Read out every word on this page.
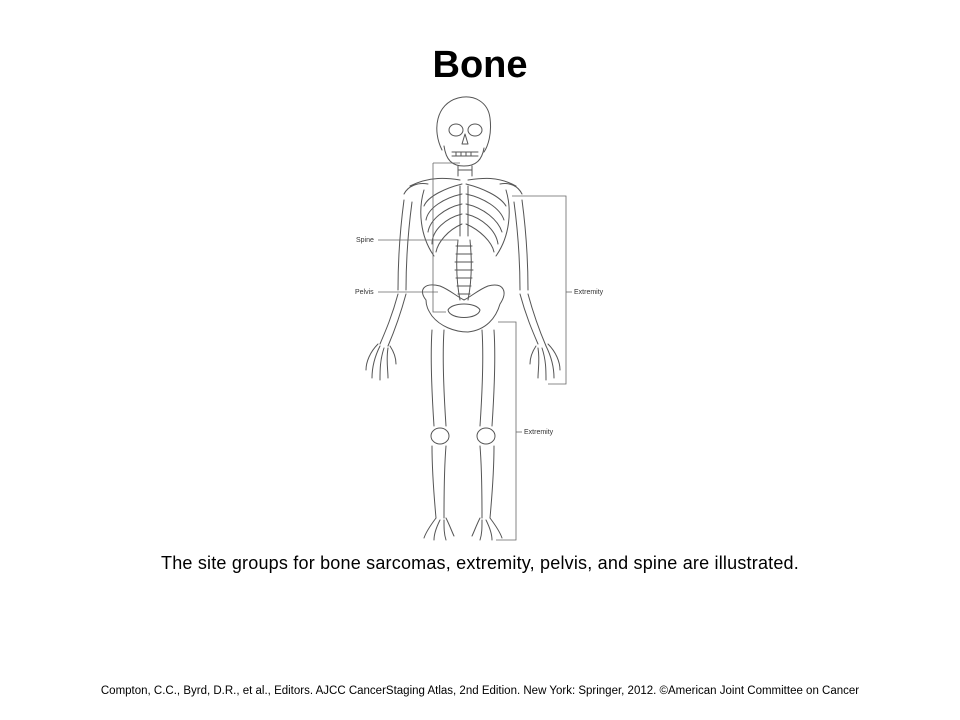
Bone
Spine
Pelvis	Extremity
Extremity
The site groups for bone sarcomas, extremity, pelvis, and spine are illustrated.
Compton, C.C., Byrd, D.R., et al., Editors. AJCC CancerStaging Atlas, 2nd Edition. New York: Springer, 2012. ©American Joint Committee on Cancer
